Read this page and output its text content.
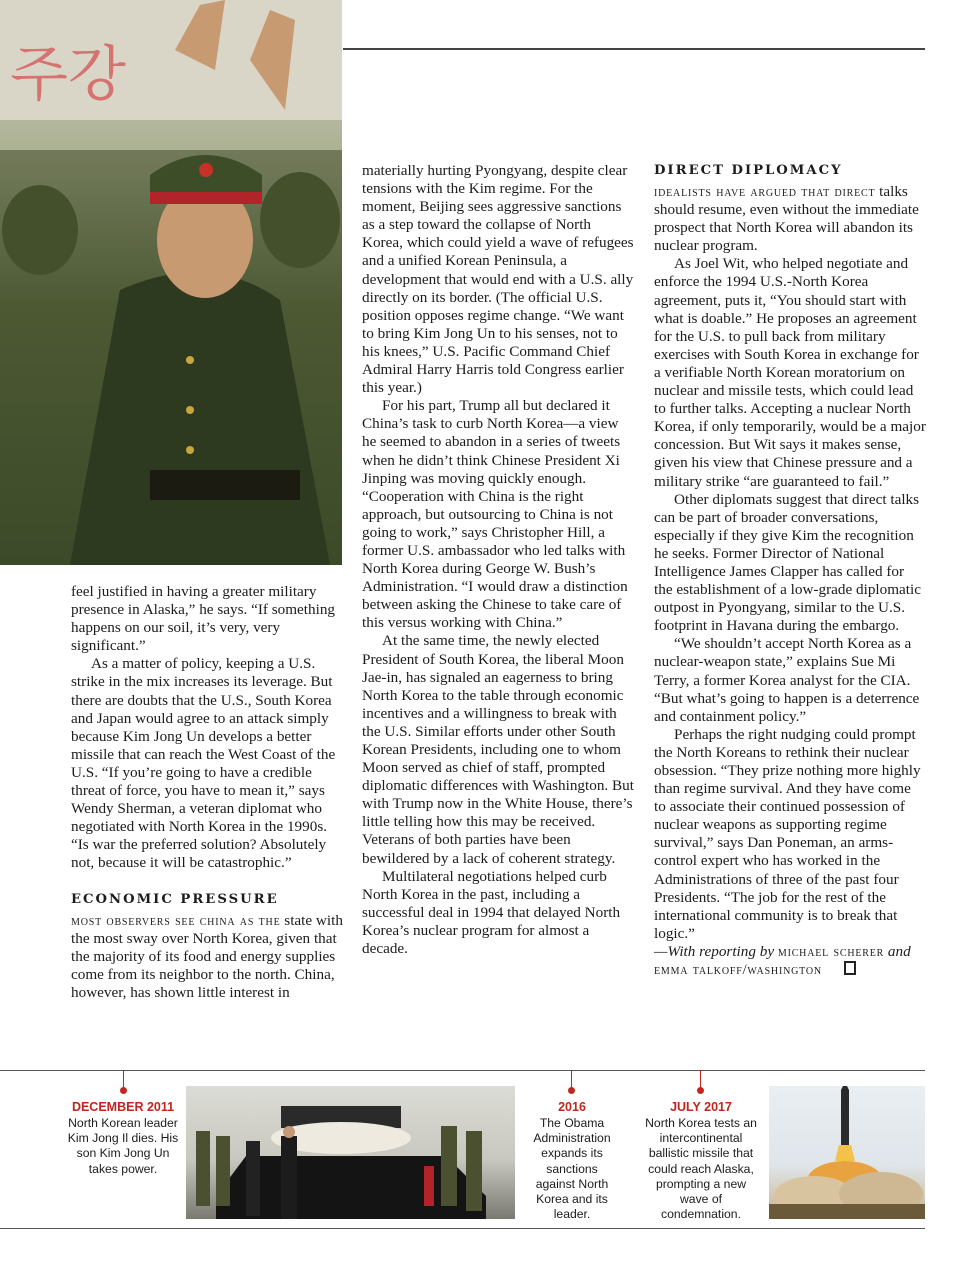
주강

feel justified in having a greater military presence in Alaska,” he says. “If something happens on our soil, it’s very, very significant.”

As a matter of policy, keeping a U.S. strike in the mix increases its leverage. But there are doubts that the U.S., South Korea and Japan would agree to an attack simply because Kim Jong Un develops a better missile that can reach the West Coast of the U.S. “If you’re going to have a credible threat of force, you have to mean it,” says Wendy Sherman, a veteran diplomat who negotiated with North Korea in the 1990s. “Is war the preferred solution? Absolutely not, because it will be catastrophic.”

ECONOMIC PRESSURE

most observers see china as the state with the most sway over North Korea, given that the majority of its food and energy supplies come from its neighbor to the north. China, however, has shown little interest in

materially hurting Pyongyang, despite clear tensions with the Kim regime. For the moment, Beijing sees aggressive sanctions as a step toward the collapse of North Korea, which could yield a wave of refugees and a unified Korean Peninsula, a development that would end with a U.S. ally directly on its border. (The official U.S. position opposes regime change. “We want to bring Kim Jong Un to his senses, not to his knees,” U.S. Pacific Command Chief Admiral Harry Harris told Congress earlier this year.)

For his part, Trump all but declared it China’s task to curb North Korea—a view he seemed to abandon in a series of tweets when he didn’t think Chinese President Xi Jinping was moving quickly enough. “Cooperation with China is the right approach, but outsourcing to China is not going to work,” says Christopher Hill, a former U.S. ambassador who led talks with North Korea during George W. Bush’s Administration. “I would draw a distinction between asking the Chinese to take care of this versus working with China.”

At the same time, the newly elected President of South Korea, the liberal Moon Jae-in, has signaled an eagerness to bring North Korea to the table through economic incentives and a willingness to break with the U.S. Similar efforts under other South Korean Presidents, including one to whom Moon served as chief of staff, prompted diplomatic differences with Washington. But with Trump now in the White House, there’s little telling how this may be received. Veterans of both parties have been bewildered by a lack of coherent strategy.

Multilateral negotiations helped curb North Korea in the past, including a successful deal in 1994 that delayed North Korea’s nuclear program for almost a decade.

DIRECT DIPLOMACY

idealists have argued that direct talks should resume, even without the immediate prospect that North Korea will abandon its nuclear program.

As Joel Wit, who helped negotiate and enforce the 1994 U.S.-North Korea agreement, puts it, “You should start with what is doable.” He proposes an agreement for the U.S. to pull back from military exercises with South Korea in exchange for a verifiable North Korean moratorium on nuclear and missile tests, which could lead to further talks. Accepting a nuclear North Korea, if only temporarily, would be a major concession. But Wit says it makes sense, given his view that Chinese pressure and a military strike “are guaranteed to fail.”

Other diplomats suggest that direct talks can be part of broader conversations, especially if they give Kim the recognition he seeks. Former Director of National Intelligence James Clapper has called for the establishment of a low-grade diplomatic outpost in Pyongyang, similar to the U.S. footprint in Havana during the embargo.

“We shouldn’t accept North Korea as a nuclear-weapon state,” explains Sue Mi Terry, a former Korea analyst for the CIA. “But what’s going to happen is a deterrence and containment policy.”

Perhaps the right nudging could prompt the North Koreans to rethink their nuclear obsession. “They prize nothing more highly than regime survival. And they have come to associate their continued possession of nuclear weapons as supporting regime survival,” says Dan Poneman, an arms-control expert who has worked in the Administrations of three of the past four Presidents. “The job for the rest of the international community is to break that logic.”

—With reporting by michael scherer and emma talkoff/washington

DECEMBER 2011
North Korean leader Kim Jong Il dies. His son Kim Jong Un takes power.
2016
The Obama Administration expands its sanctions against North Korea and its leader.
JULY 2017
North Korea tests an intercontinental ballistic missile that could reach Alaska, prompting a new wave of condemnation.
